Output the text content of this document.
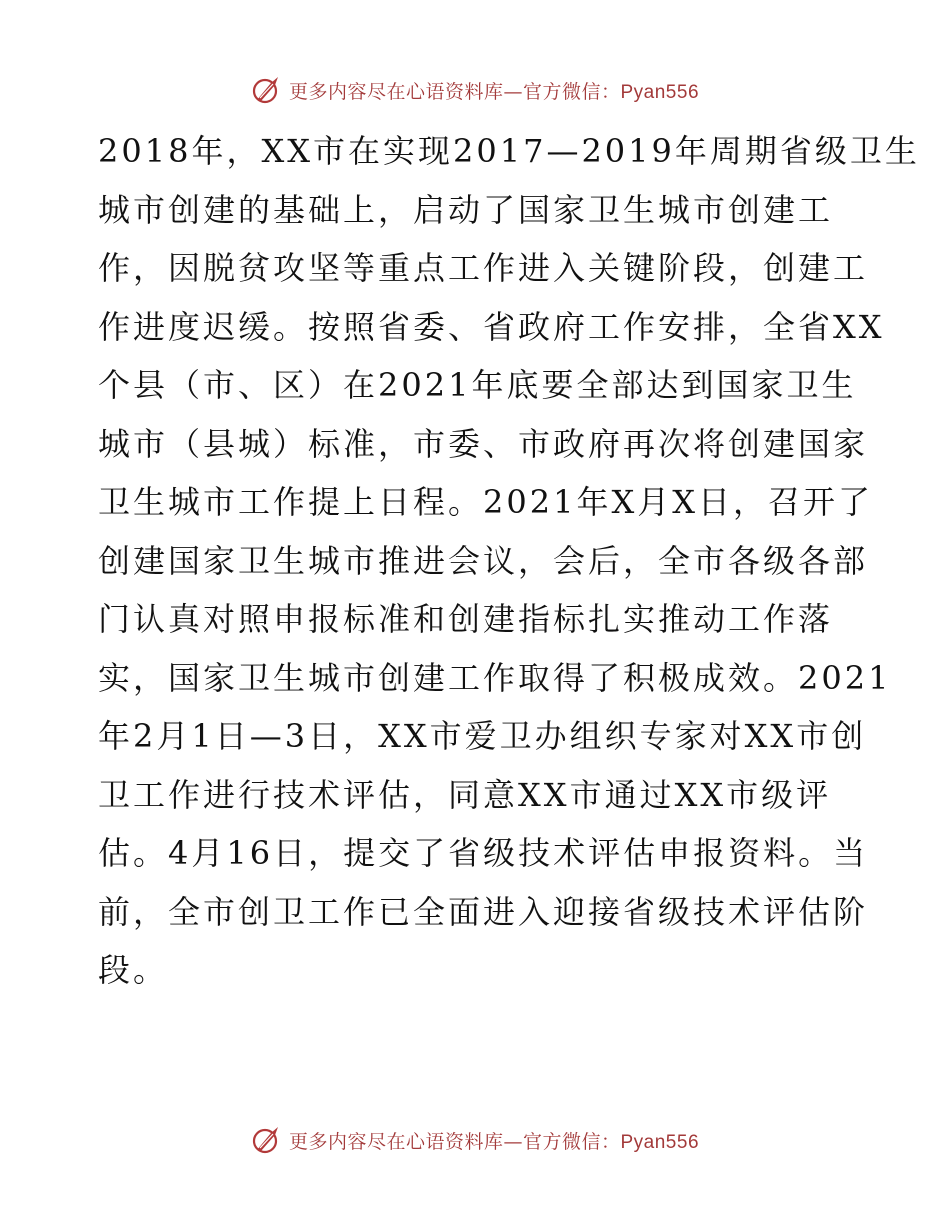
更多内容尽在心语资料库—官方微信：Pyan556
2018年，XX市在实现2017—2019年周期省级卫生
城市创建的基础上，启动了国家卫生城市创建工
作，因脱贫攻坚等重点工作进入关键阶段，创建工
作进度迟缓。按照省委、省政府工作安排，全省XX
个县（市、区）在2021年底要全部达到国家卫生
城市（县城）标准，市委、市政府再次将创建国家
卫生城市工作提上日程。2021年X月X日，召开了
创建国家卫生城市推进会议，会后，全市各级各部
门认真对照申报标准和创建指标扎实推动工作落
实，国家卫生城市创建工作取得了积极成效。2021
年2月1日—3日，XX市爱卫办组织专家对XX市创
卫工作进行技术评估，同意XX市通过XX市级评
估。4月16日，提交了省级技术评估申报资料。当
前，全市创卫工作已全面进入迎接省级技术评估阶
段。
更多内容尽在心语资料库—官方微信：Pyan556
